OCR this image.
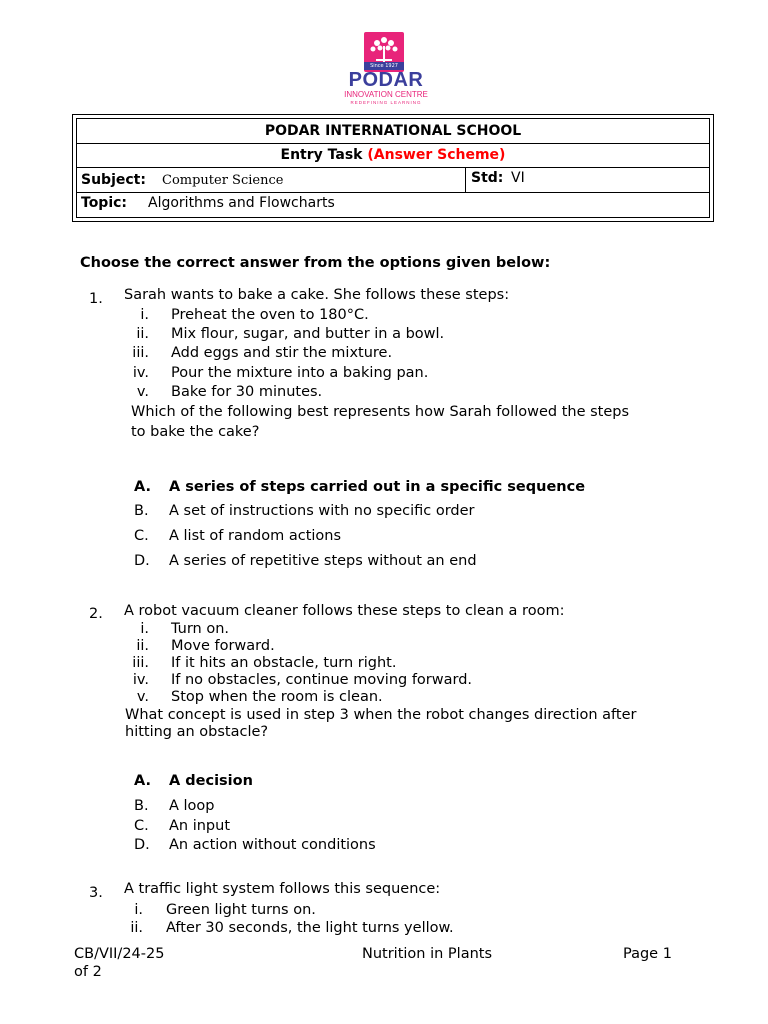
Since 1927
PODAR
INNOVATION CENTRE
REDEFINING LEARNING
PODAR INTERNATIONAL SCHOOL
Entry Task (Answer Scheme)
Subject: Computer Science	Std: VI
Topic: Algorithms and Flowcharts
Choose the correct answer from the options given below:
1. Sarah wants to bake a cake. She follows these steps:
i. Preheat the oven to 180°C.
ii. Mix flour, sugar, and butter in a bowl.
iii. Add eggs and stir the mixture.
iv. Pour the mixture into a baking pan.
v. Bake for 30 minutes.
Which of the following best represents how Sarah followed the steps
to bake the cake?
A. A series of steps carried out in a specific sequence
B. A set of instructions with no specific order
C. A list of random actions
D. A series of repetitive steps without an end
2. A robot vacuum cleaner follows these steps to clean a room:
i. Turn on.
ii. Move forward.
iii. If it hits an obstacle, turn right.
iv. If no obstacles, continue moving forward.
v. Stop when the room is clean.
What concept is used in step 3 when the robot changes direction after
hitting an obstacle?
A. A decision
B. A loop
C. An input
D. An action without conditions
3. A traffic light system follows this sequence:
i. Green light turns on.
ii. After 30 seconds, the light turns yellow.
CB/VII/24-25	Nutrition in Plants	Page 1
of 2
